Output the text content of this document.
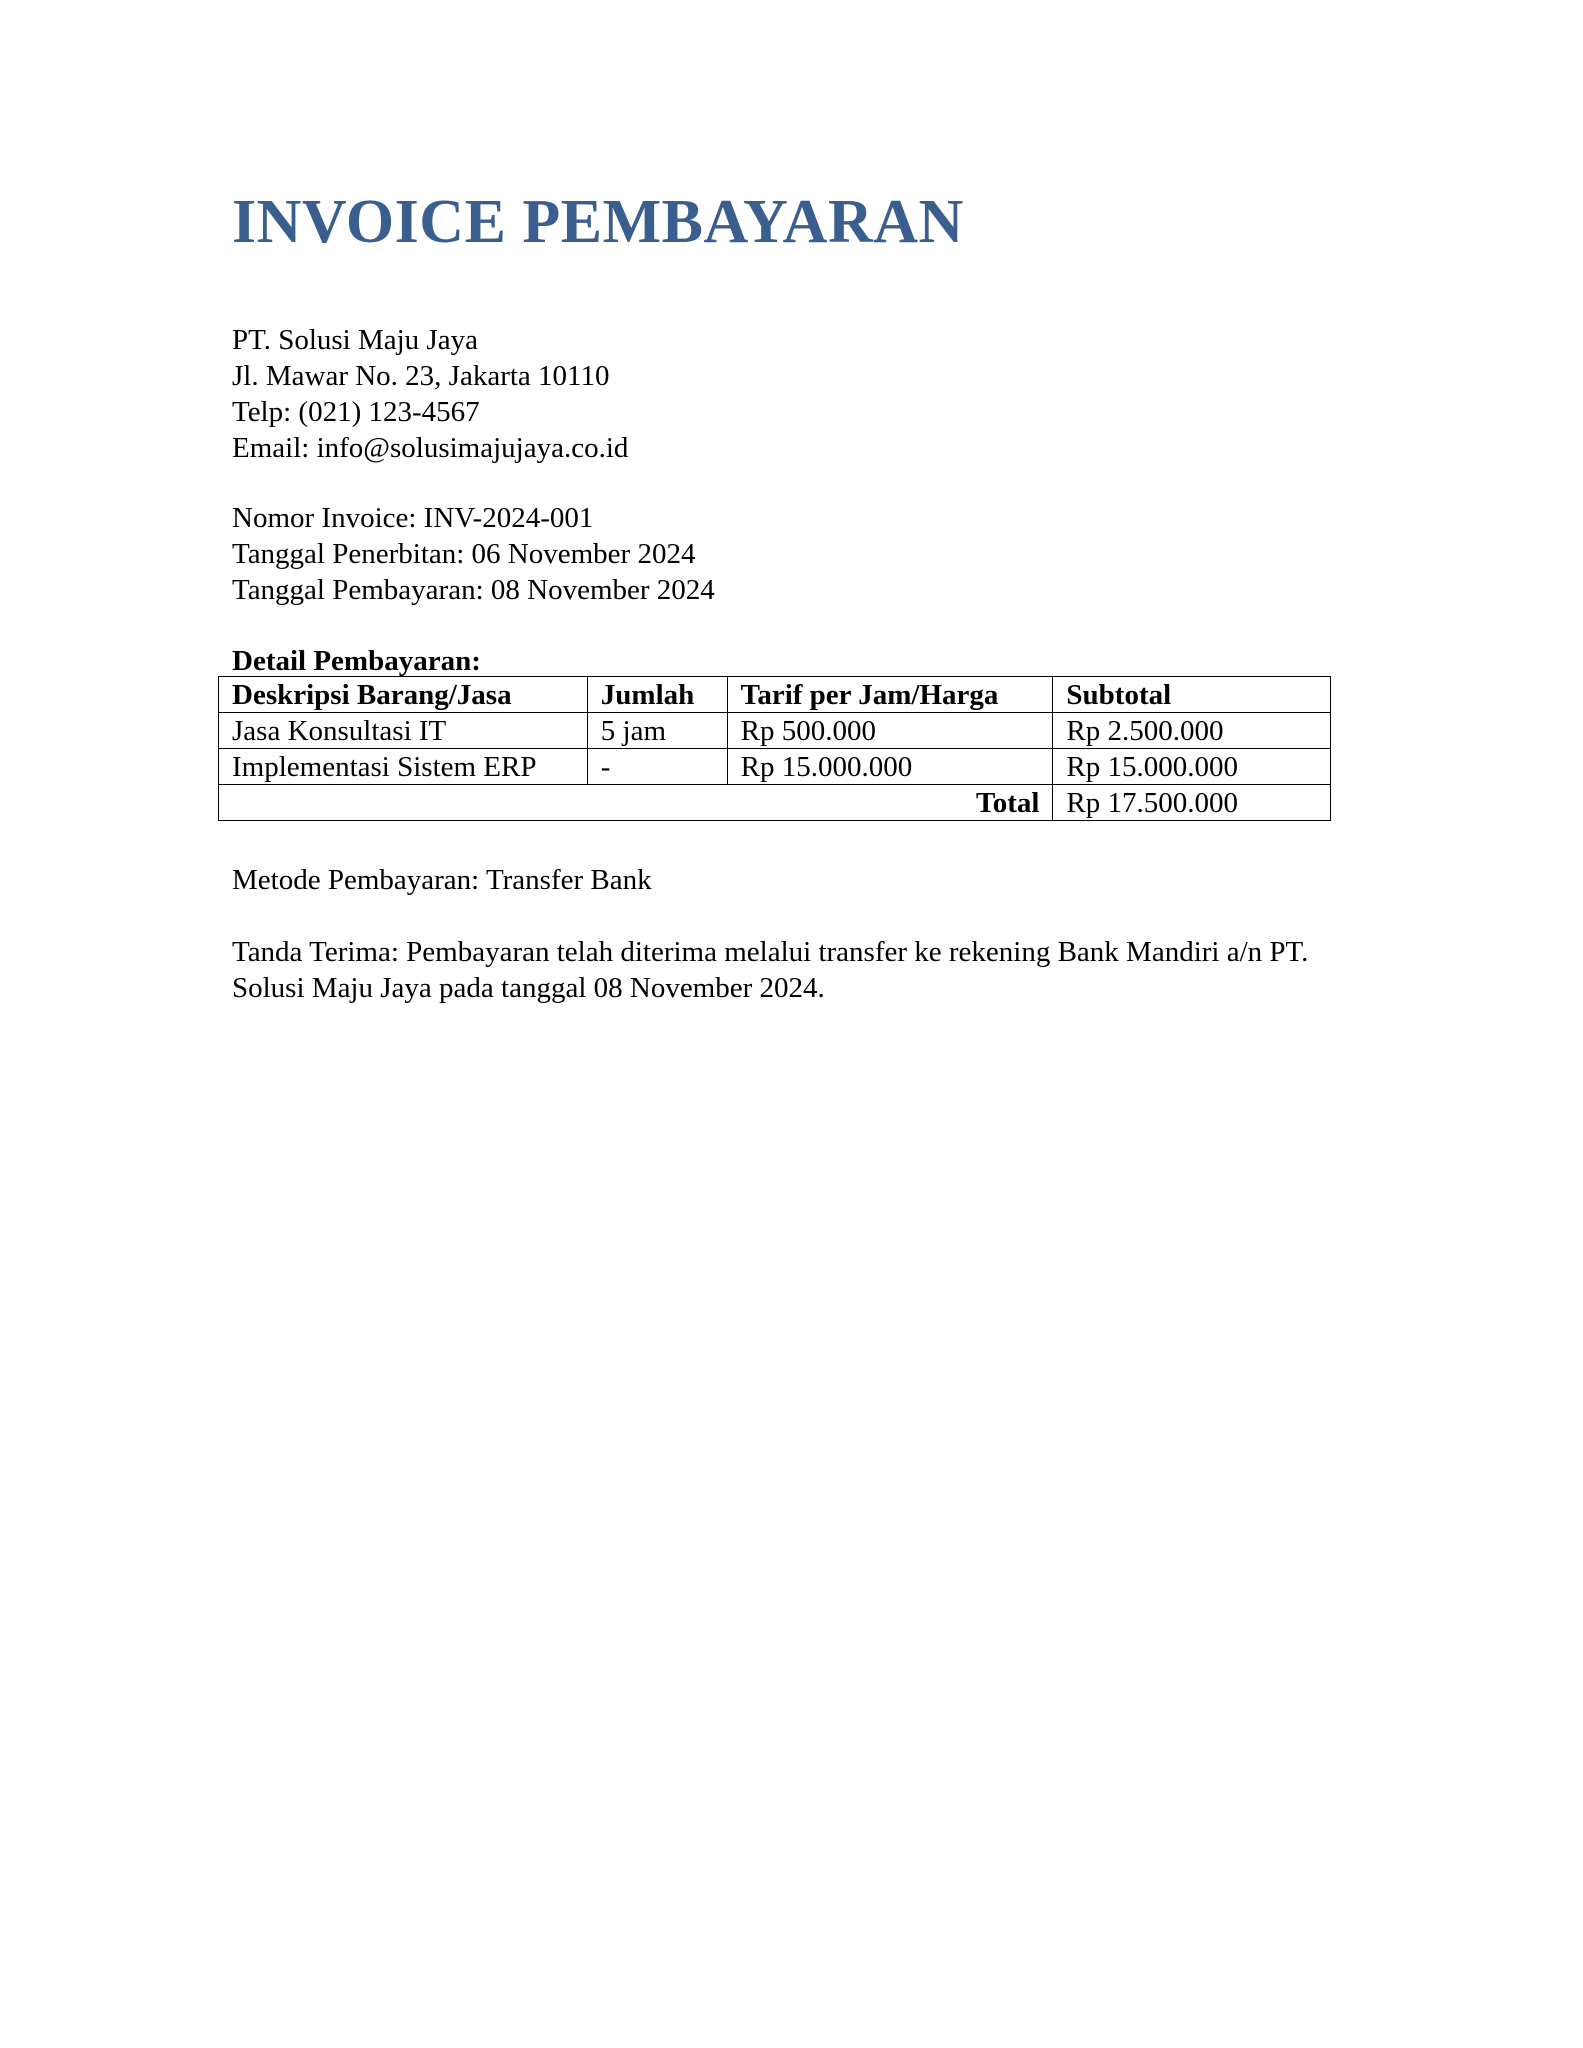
INVOICE PEMBAYARAN
PT. Solusi Maju Jaya
Jl. Mawar No. 23, Jakarta 10110
Telp: (021) 123-4567
Email: info@solusimajujaya.co.id
Nomor Invoice: INV-2024-001
Tanggal Penerbitan: 06 November 2024
Tanggal Pembayaran: 08 November 2024
Detail Pembayaran:
Deskripsi Barang/Jasa	Jumlah	Tarif per Jam/Harga	Subtotal
Jasa Konsultasi IT	5 jam	Rp 500.000	Rp 2.500.000
Implementasi Sistem ERP	-	Rp 15.000.000	Rp 15.000.000
Total			Rp 17.500.000
Metode Pembayaran: Transfer Bank
Tanda Terima: Pembayaran telah diterima melalui transfer ke rekening Bank Mandiri a/n PT. Solusi Maju Jaya pada tanggal 08 November 2024.
